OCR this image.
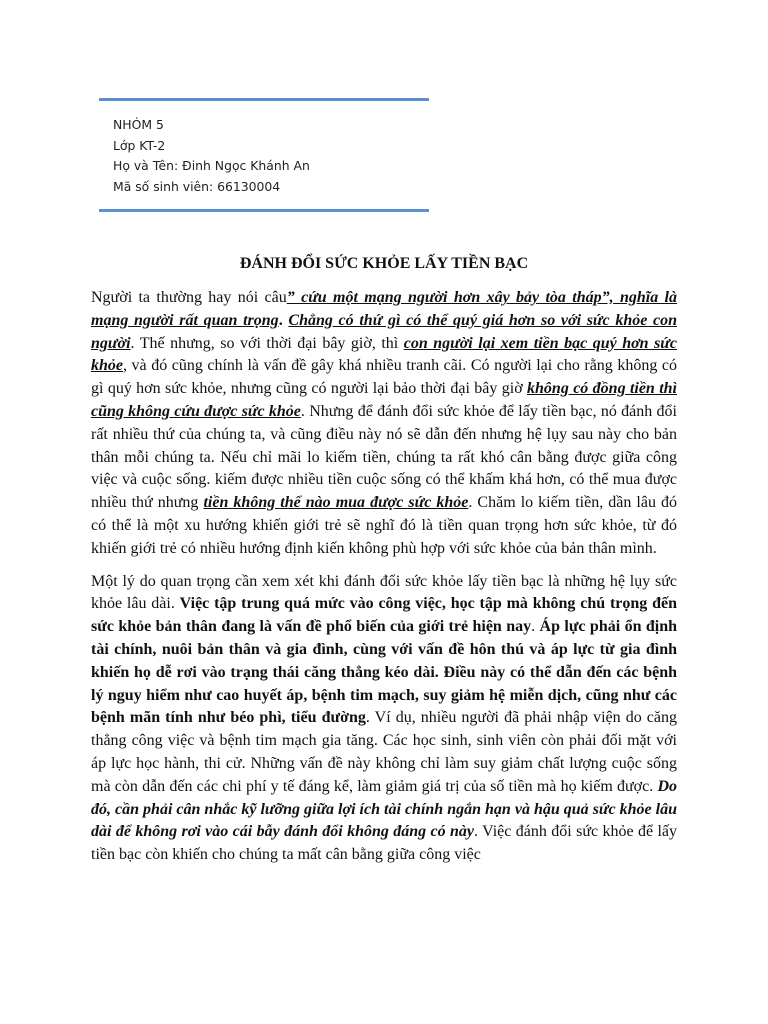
NHÓM 5
Lớp KT-2
Họ và Tên: Đinh Ngọc Khánh An
Mã số sinh viên: 66130004
ĐÁNH ĐỔI SỨC KHỎE LẤY TIỀN BẠC

Người ta thường hay nói câu” cứu một mạng người hơn xây bảy tòa tháp”, nghĩa là mạng người rất quan trọng. Chẳng có thứ gì có thể quý giá hơn so với sức khỏe con người. Thế nhưng, so với thời đại bây giờ, thì con người lại xem tiền bạc quý hơn sức khỏe, và đó cũng chính là vấn đề gây khá nhiều tranh cãi. Có người lại cho rằng không có gì quý hơn sức khỏe, nhưng cũng có người lại bảo thời đại bây giờ không có đồng tiền thì cũng không cứu được sức khỏe. Nhưng để đánh đổi sức khỏe để lấy tiền bạc, nó đánh đổi rất nhiều thứ của chúng ta, và cũng điều này nó sẽ dẫn đến nhưng hệ lụy sau này cho bản thân mỗi chúng ta. Nếu chỉ mãi lo kiếm tiền, chúng ta rất khó cân bằng được giữa công việc và cuộc sống. kiếm được nhiều tiền cuộc sống có thể khấm khá hơn, có thể mua được nhiều thứ nhưng tiền không thể nào mua được sức khỏe. Chăm lo kiếm tiền, dần lâu đó có thể là một xu hướng khiến giới trẻ sẽ nghĩ đó là tiền quan trọng hơn sức khỏe, từ đó khiến giới trẻ có nhiều hướng định kiến không phù hợp với sức khỏe của bản thân mình.

Một lý do quan trọng cần xem xét khi đánh đổi sức khỏe lấy tiền bạc là những hệ lụy sức khỏe lâu dài. Việc tập trung quá mức vào công việc, học tập mà không chú trọng đến sức khỏe bản thân đang là vấn đề phổ biến của giới trẻ hiện nay. Áp lực phải ổn định tài chính, nuôi bản thân và gia đình, cùng với vấn đề hôn thú và áp lực từ gia đình khiến họ dễ rơi vào trạng thái căng thẳng kéo dài. Điều này có thể dẫn đến các bệnh lý nguy hiểm như cao huyết áp, bệnh tim mạch, suy giảm hệ miễn dịch, cũng như các bệnh mãn tính như béo phì, tiểu đường. Ví dụ, nhiều người đã phải nhập viện do căng thẳng công việc và bệnh tim mạch gia tăng. Các học sinh, sinh viên còn phải đối mặt với áp lực học hành, thi cử. Những vấn đề này không chỉ làm suy giảm chất lượng cuộc sống mà còn dẫn đến các chi phí y tế đáng kể, làm giảm giá trị của số tiền mà họ kiếm được. Do đó, cần phải cân nhắc kỹ lưỡng giữa lợi ích tài chính ngắn hạn và hậu quả sức khỏe lâu dài để không rơi vào cái bẫy đánh đổi không đáng có này. Việc đánh đổi sức khỏe để lấy tiền bạc còn khiến cho chúng ta mất cân bằng giữa công việc
